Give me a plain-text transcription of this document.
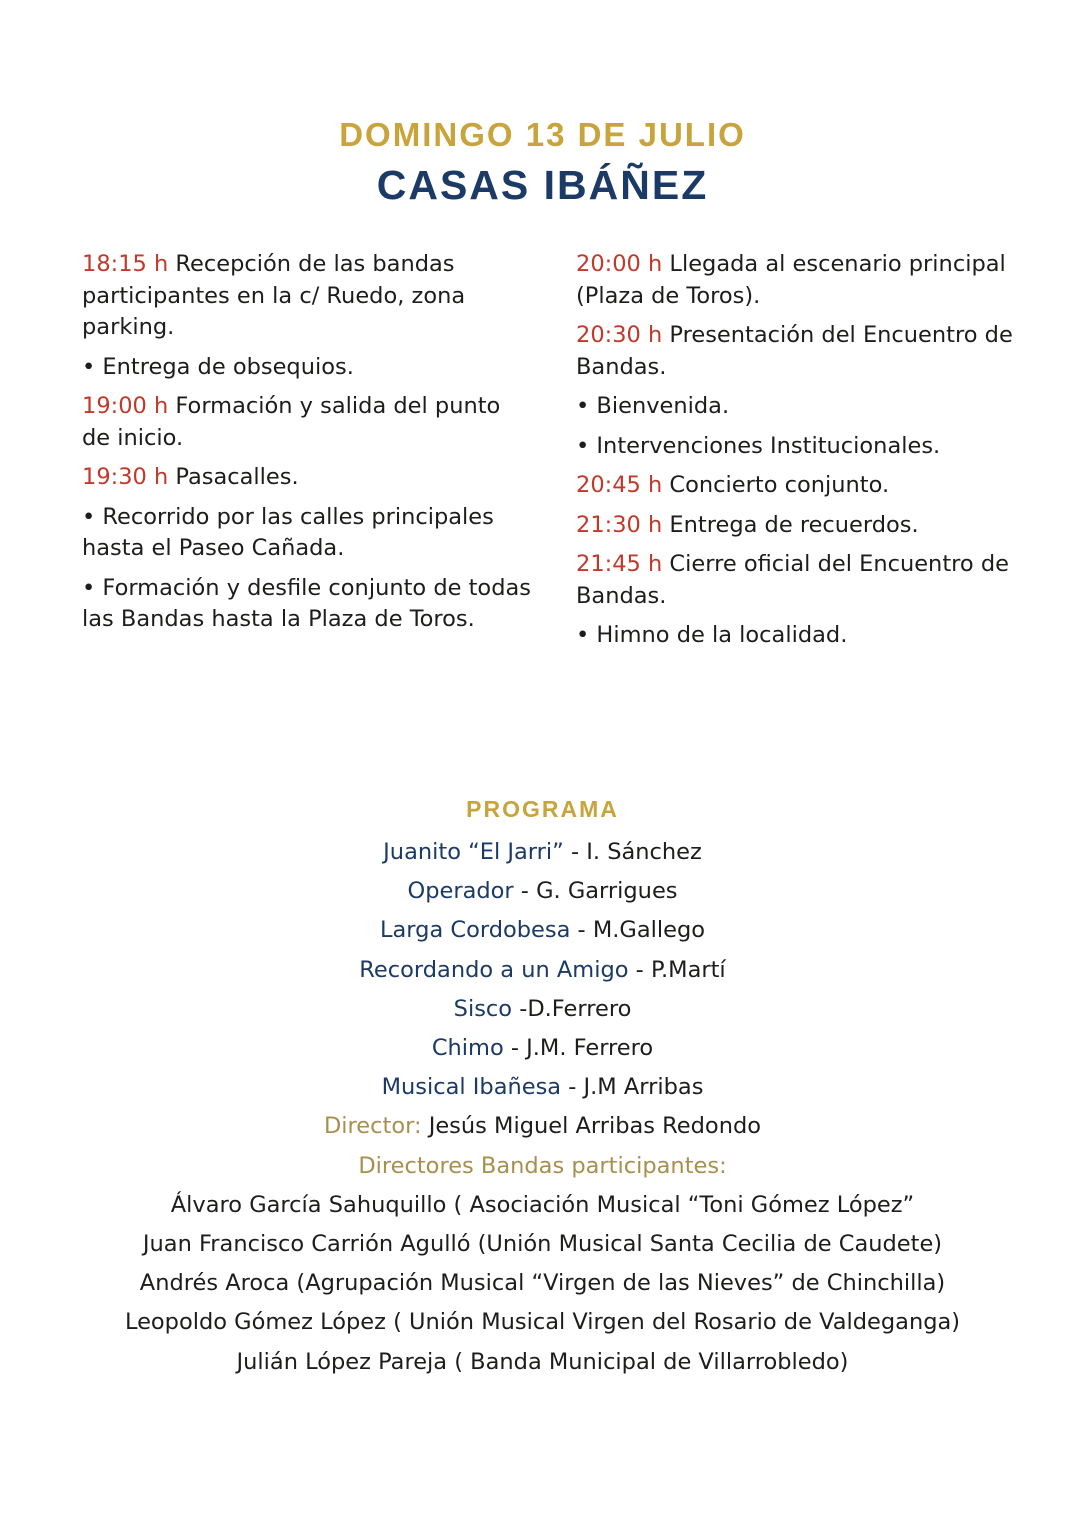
DOMINGO 13 DE JULIO
CASAS IBÁÑEZ

18:15 h Recepción de las bandas participantes en la c/ Ruedo, zona parking.

• Entrega de obsequios.

19:00 h Formación y salida del punto de inicio.

19:30 h Pasacalles.

• Recorrido por las calles principales hasta el Paseo Cañada.

• Formación y desfile conjunto de todas las Bandas hasta la Plaza de Toros.

20:00 h Llegada al escenario principal (Plaza de Toros).

20:30 h Presentación del Encuentro de Bandas.

• Bienvenida.

• Intervenciones Institucionales.

20:45 h Concierto conjunto.

21:30 h Entrega de recuerdos.

21:45 h Cierre oficial del Encuentro de Bandas.

• Himno de la localidad.

PROGRAMA
Juanito “El Jarri” - I. Sánchez
Operador - G. Garrigues
Larga Cordobesa - M.Gallego
Recordando a un Amigo - P.Martí
Sisco -D.Ferrero
Chimo - J.M. Ferrero
Musical Ibañesa - J.M Arribas
Director: Jesús Miguel Arribas Redondo
Directores Bandas participantes:
Álvaro García Sahuquillo ( Asociación Musical “Toni Gómez López”
Juan Francisco Carrión Agulló (Unión Musical Santa Cecilia de Caudete)
Andrés Aroca (Agrupación Musical “Virgen de las Nieves” de Chinchilla)
Leopoldo Gómez López ( Unión Musical Virgen del Rosario de Valdeganga)
Julián López Pareja ( Banda Municipal de Villarrobledo)
